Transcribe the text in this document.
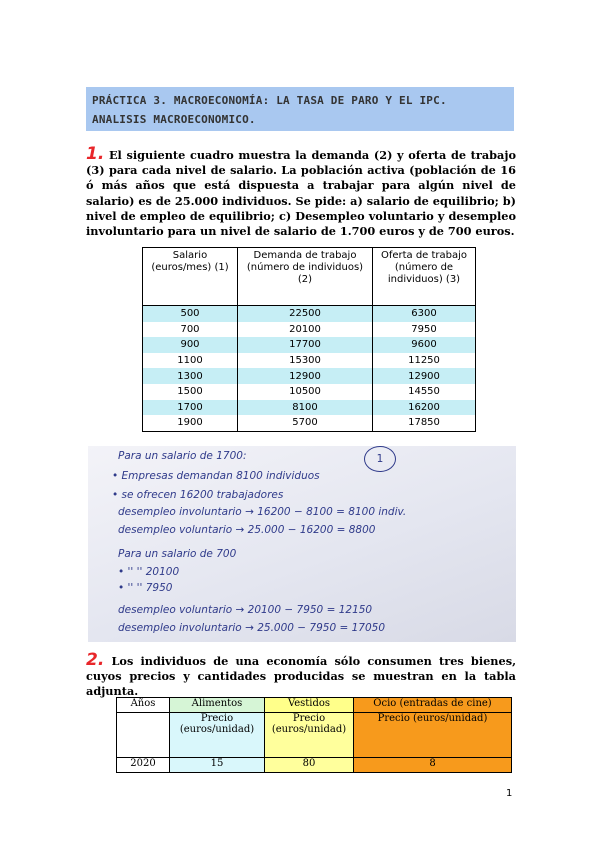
PRÁCTICA 3. MACROECONOMÍA: LA TASA DE PARO Y EL IPC.
ANALISIS MACROECONOMICO.
1. El siguiente cuadro muestra la demanda (2) y oferta de trabajo (3) para cada nivel de salario. La población activa (población de 16 ó más años que está dispuesta a trabajar para algún nivel de salario) es de 25.000 individuos. Se pide: a) salario de equilibrio; b) nivel de empleo de equilibrio; c) Desempleo voluntario y desempleo involuntario para un nivel de salario de 1.700 euros y de 700 euros.
Salario (euros/mes) (1)	Demanda de trabajo (número de individuos) (2)	Oferta de trabajo (número de individuos) (3)
500	22500	6300
700	20100	7950
900	17700	9600
1100	15300	11250
1300	12900	12900
1500	10500	14550
1700	8100	16200
1900	5700	17850
Para un salario de 1700:	1
• Empresas demandan 8100 individuos
• se ofrecen 16200 trabajadores
desempleo involuntario → 16200 − 8100 = 8100 indiv.
desempleo voluntario → 25.000 − 16200 = 8800
Para un salario de 700
• '' '' 20100
• '' '' 7950
desempleo voluntario → 20100 − 7950 = 12150
desempleo involuntario → 25.000 − 7950 = 17050
2. Los individuos de una economía sólo consumen tres bienes, cuyos precios y cantidades producidas se muestran en la tabla adjunta.
Años	Alimentos	Vestidos	Ocio (entradas de cine)
	Precio (euros/unidad)	Precio (euros/unidad)	Precio (euros/unidad)
2020	15	80	8
1
